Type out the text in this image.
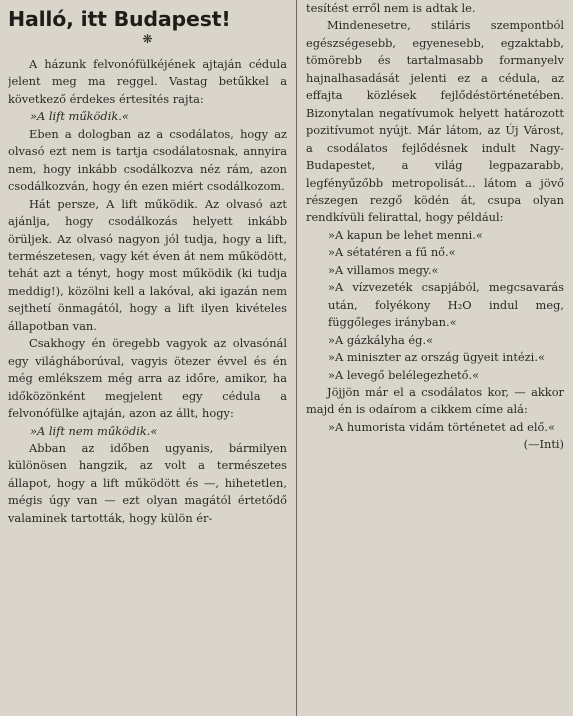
Halló, itt Budapest!
❋

A házunk felvonófülkéjének ajtaján cédula jelent meg ma reggel. Vastag betűkkel a következő érdekes értesítés rajta:

»A lift működik.«

Eben a dologban az a csodálatos, hogy az olvasó ezt nem is tartja csodálatosnak, annyira nem, hogy inkább csodálkozva néz rám, azon csodálkozván, hogy én ezen miért csodálkozom.

Hát persze, A lift működik. Az olvasó azt ajánlja, hogy csodálkozás helyett inkább örüljek. Az olvasó nagyon jól tudja, hogy a lift, természetesen, vagy két éven át nem működött, tehát azt a tényt, hogy most működik (ki tudja meddig!), közölni kell a lakóval, aki igazán nem sejthetí önmagától, hogy a lift ilyen kivételes állapotban van.

Csakhogy én öregebb vagyok az olvasónál egy világháborúval, vagyis ötezer évvel és én még emlékszem még arra az időre, amikor, ha időközönként megjelent egy cédula a felvonófülke ajtaján, azon az állt, hogy:

»A lift nem működik.«

Abban az időben ugyanis, bármilyen különösen hangzik, az volt a természetes állapot, hogy a lift működött és —, hihetetlen, mégis úgy van — ezt olyan magától értetődő valaminek tartották, hogy külön ér-

tesítést erről nem is adtak le.

Mindenesetre, stiláris szempontból egészségesebb, egyenesebb, egzaktabb, tömörebb és tartalmasabb formanyelv hajnalhasadását jelenti ez a cédula, az effajta közlések fejlődéstörténetében. Bizonytalan negatívumok helyett határozott pozitívumot nyújt. Már látom, az Új Várost, a csodálatos fejlődésnek indult Nagy-Budapestet, a világ legpazarabb, legfényűzőbb metropolisát... látom a jövő részegen rezgő ködén át, csupa olyan rendkívüli felirattal, hogy például:

»A kapun be lehet menni.«

»A sétatéren a fű nő.«

»A villamos megy.«

»A vízvezeték csapjából, megcsavarás után, folyékony H₂O indul meg, függőleges irányban.«

»A gázkályha ég.«

»A miniszter az ország ügyeit intézi.«

»A levegő belélegezhető.«

Jöjjön már el a csodálatos kor, — akkor majd én is odaírom a cikkem címe alá:

»A humorista vidám történetet ad elő.«
(—Inti)
